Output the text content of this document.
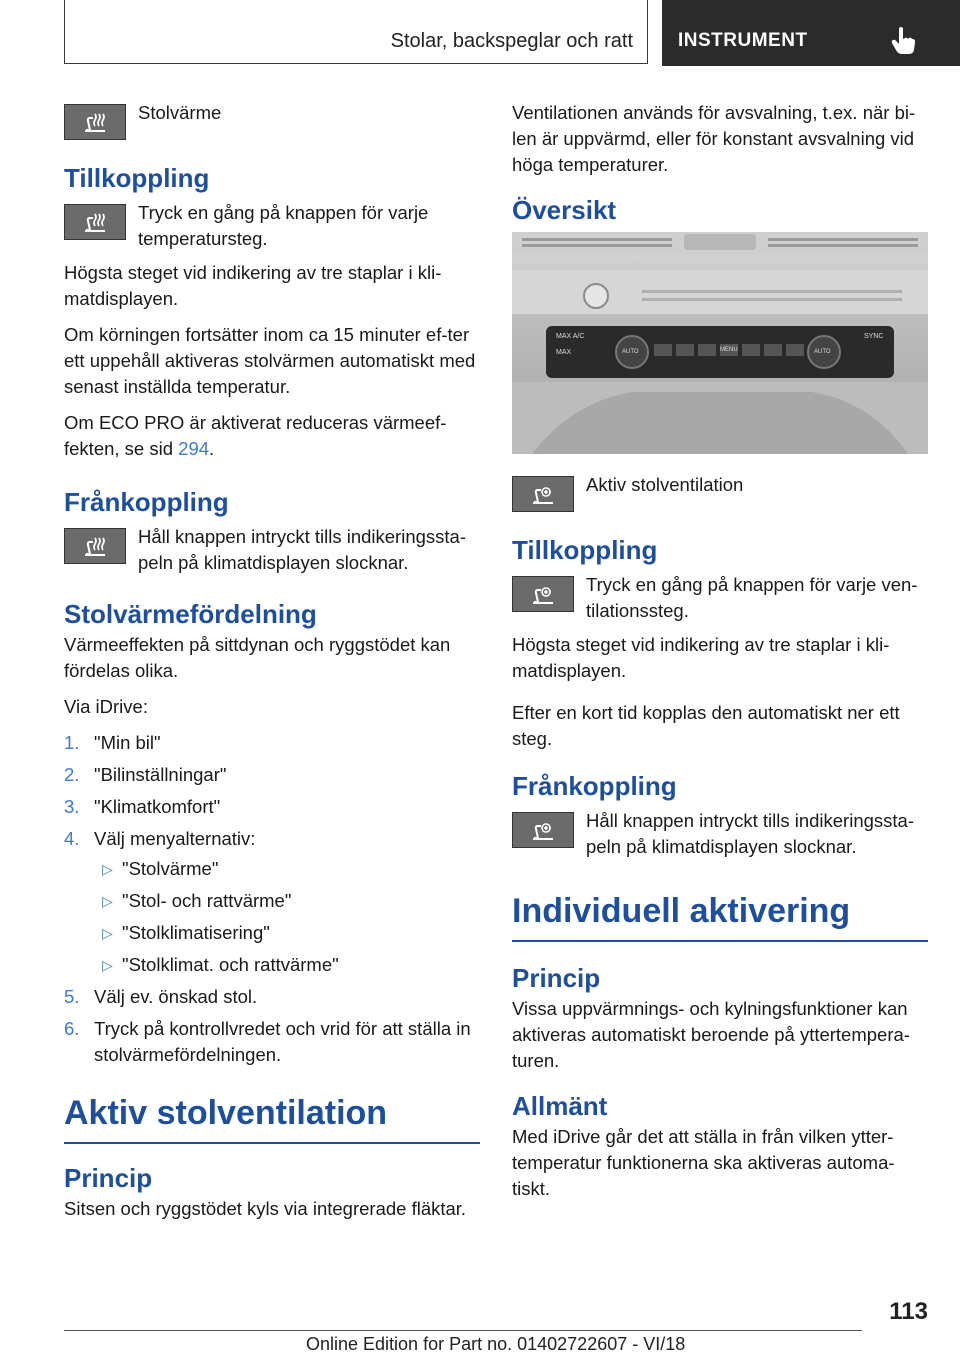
Stolar, backspeglar och ratt INSTRUMENT
Stolvärme
Tillkoppling
Tryck en gång på knappen för varje temperatursteg.

Högsta steget vid indikering av tre staplar i kli-matdisplayen.

Om körningen fortsätter inom ca 15 minuter ef-ter ett uppehåll aktiveras stolvärmen automatiskt med senast inställda temperatur.

Om ECO PRO är aktiverat reduceras värmeef-fekten, se sid 294.

Frånkoppling
Håll knappen intryckt tills indikeringssta-peln på klimatdisplayen slocknar.
Stolvärmefördelning

Värmeeffekten på sittdynan och ryggstödet kan fördelas olika.

Via iDrive:

1. "Min bil"
2. "Bilinställningar"
3. "Klimatkomfort"
4. Välj menyalternativ:
▷ "Stolvärme"
▷ "Stol- och rattvärme"
▷ "Stolklimatisering"
▷ "Stolklimat. och rattvärme"
5. Välj ev. önskad stol.
6. Tryck på kontrollvredet och vrid för att ställa in stolvärmefördelningen.
Aktiv stolventilation
Princip

Sitsen och ryggstödet kyls via integrerade fläktar.

Ventilationen används för avsvalning, t.ex. när bi-len är uppvärmd, eller för konstant avsvalning vid höga temperaturer.

Översikt
MAX A/C
MAX	AUTO	MENU	AUTO
SYNC
Aktiv stolventilation
Tillkoppling
Tryck en gång på knappen för varje ven-tilationssteg.

Högsta steget vid indikering av tre staplar i kli-matdisplayen.

Efter en kort tid kopplas den automatiskt ner ett steg.

Frånkoppling
Håll knappen intryckt tills indikeringssta-peln på klimatdisplayen slocknar.
Individuell aktivering
Princip

Vissa uppvärmnings- och kylningsfunktioner kan aktiveras automatiskt beroende på yttertempera-turen.

Allmänt

Med iDrive går det att ställa in från vilken ytter-temperatur funktionerna ska aktiveras automa-tiskt.

113
Online Edition for Part no. 01402722607 - VI/18
